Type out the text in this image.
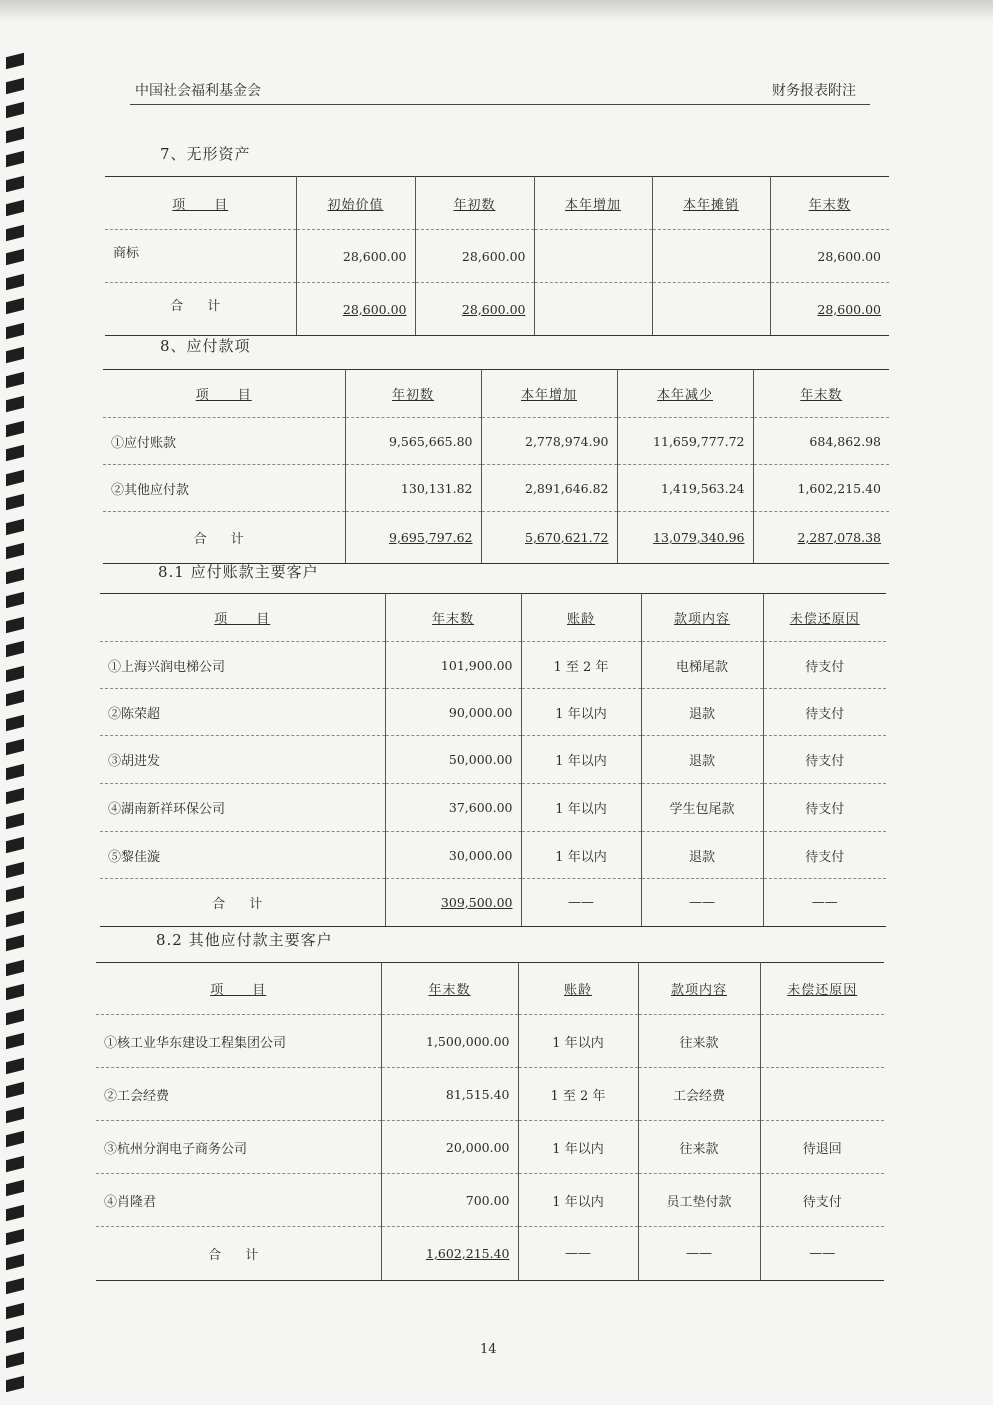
中国社会福利基金会	财务报表附注
7、无形资产
项　　目	初始价值	年初数	本年增加	本年摊销	年末数
商标	28,600.00	28,600.00			28,600.00
合 计	28,600.00	28,600.00			28,600.00
8、应付款项
项　　目	年初数	本年增加	本年减少	年末数
①应付账款	9,565,665.80	2,778,974.90	11,659,777.72	684,862.98
②其他应付款	130,131.82	2,891,646.82	1,419,563.24	1,602,215.40
合 计	9,695,797.62	5,670,621.72	13,079,340.96	2,287,078.38
8.1 应付账款主要客户
项　　目	年末数	账龄	款项内容	未偿还原因
①上海兴润电梯公司	101,900.00	1 至 2 年	电梯尾款	待支付
②陈荣超	90,000.00	1 年以内	退款	待支付
③胡进发	50,000.00	1 年以内	退款	待支付
④湖南新祥环保公司	37,600.00	1 年以内	学生包尾款	待支付
⑤黎佳漩	30,000.00	1 年以内	退款	待支付
合 计	309,500.00	——	——	——
8.2 其他应付款主要客户
项　　目	年末数	账龄	款项内容	未偿还原因
①核工业华东建设工程集团公司	1,500,000.00	1 年以内	往来款	
②工会经费	81,515.40	1 至 2 年	工会经费	
③杭州分润电子商务公司	20,000.00	1 年以内	往来款	待退回
④肖隆君	700.00	1 年以内	员工垫付款	待支付
合 计	1,602,215.40	——	——	——
14
